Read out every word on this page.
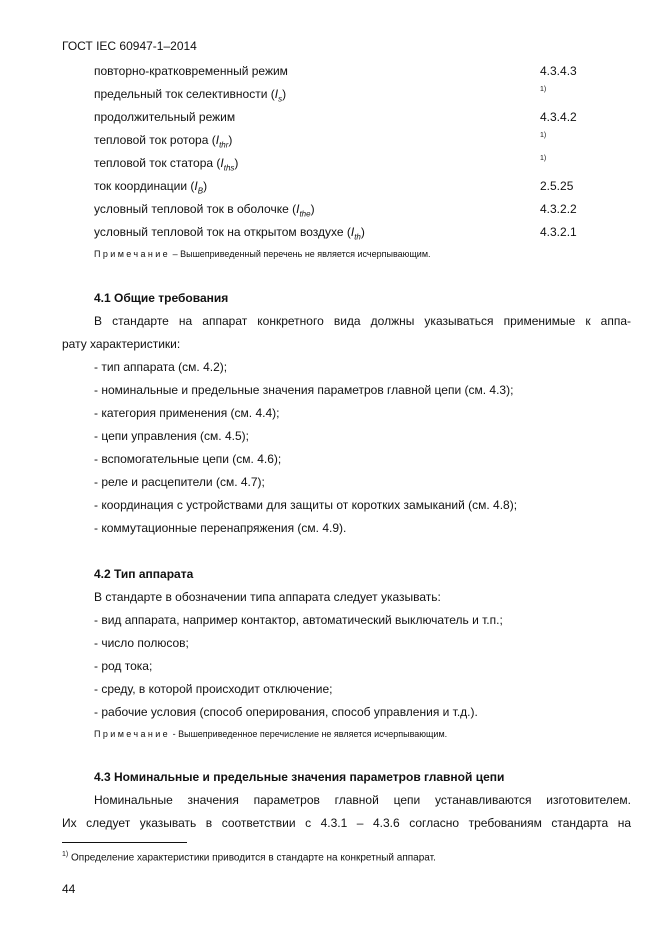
ГОСТ IEC 60947-1–2014
повторно-кратковременный режим	4.3.4.3
предельный ток селективности $(I_s)$	1)
продолжительный режим	4.3.4.2
тепловой ток ротора $(I_{thr})$	1)
тепловой ток статора $(I_{ths})$	1)
ток координации $(I_B)$	2.5.25
условный тепловой ток в оболочке $(I_{the})$	4.3.2.2
условный тепловой ток на открытом воздухе $(I_{th})$	4.3.2.1
Примечание – Вышеприведенный перечень не является исчерпывающим.
4.1 Общие требования
В стандарте на аппарат конкретного вида должны указываться применимые к аппа-
рату характеристики:
- тип аппарата (см. 4.2);
- номинальные и предельные значения параметров главной цепи (см. 4.3);
- категория применения (см. 4.4);
- цепи управления (см. 4.5);
- вспомогательные цепи (см. 4.6);
- реле и расцепители (см. 4.7);
- координация с устройствами для защиты от коротких замыканий (см. 4.8);
- коммутационные перенапряжения (см. 4.9).
4.2 Тип аппарата
В стандарте в обозначении типа аппарата следует указывать:
- вид аппарата, например контактор, автоматический выключатель и т.п.;
- число полюсов;
- род тока;
- среду, в которой происходит отключение;
- рабочие условия (способ оперирования, способ управления и т.д.).
Примечание - Вышеприведенное перечисление не является исчерпывающим.
4.3 Номинальные и предельные значения параметров главной цепи
Номинальные значения параметров главной цепи устанавливаются изготовителем.
Их следует указывать в соответствии с 4.3.1 – 4.3.6 согласно требованиям стандарта на
$^{1)}$ Определение характеристики приводится в стандарте на конкретный аппарат.
44
